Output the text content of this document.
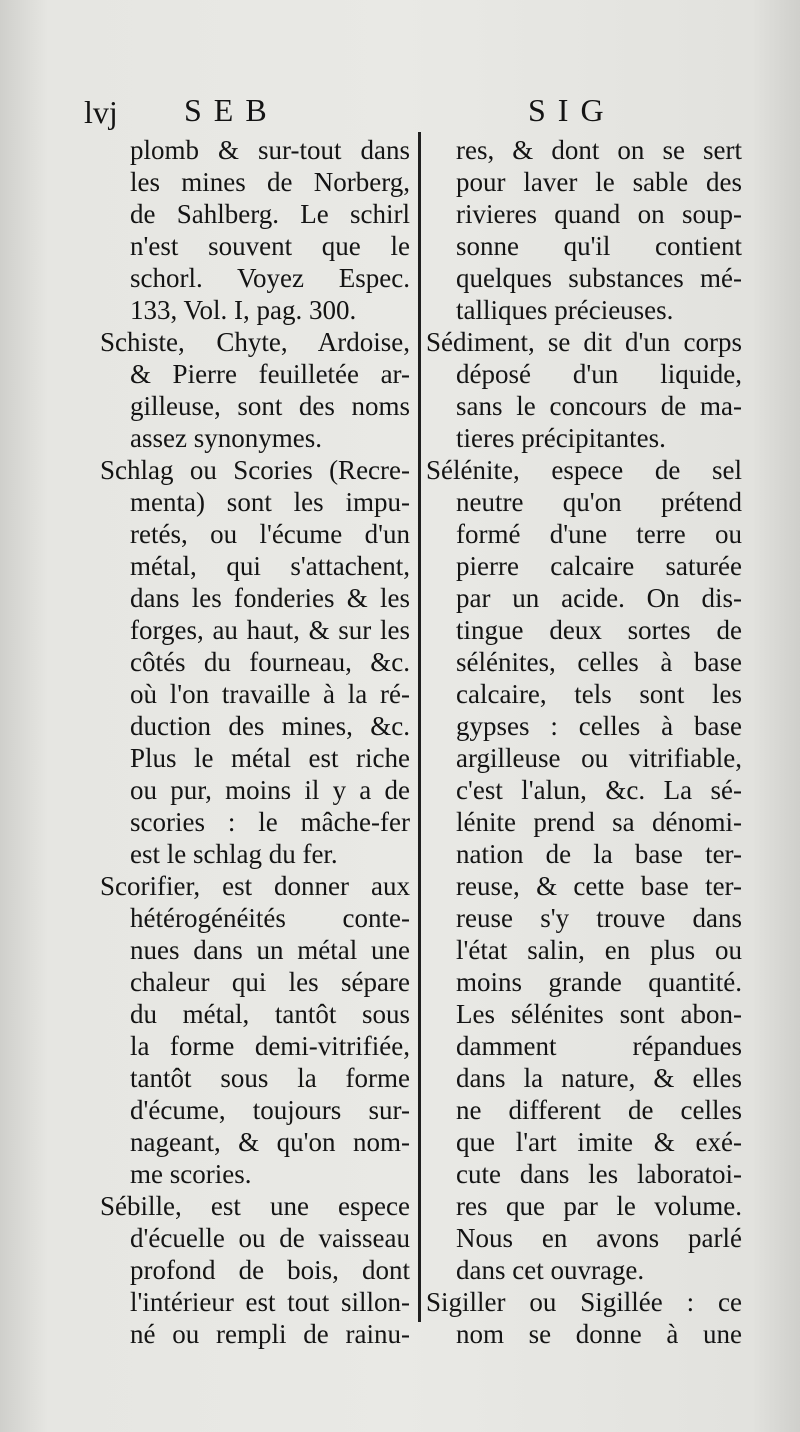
lvj SEB	SIG
plomb & sur-tout dans
les mines de Norberg,
de Sahlberg. Le schirl
n'est souvent que le
schorl. Voyez Espec.
133, Vol. I, pag. 300.
Schiste, Chyte, Ardoise,
& Pierre feuilletée ar-
gilleuse, sont des noms
assez synonymes.
Schlag ou Scories (Recre-
menta) sont les impu-
retés, ou l'écume d'un
métal, qui s'attachent,
dans les fonderies & les
forges, au haut, & sur les
côtés du fourneau, &c.
où l'on travaille à la ré-
duction des mines, &c.
Plus le métal est riche
ou pur, moins il y a de
scories : le mâche-fer
est le schlag du fer.
Scorifier, est donner aux
hétérogénéités conte-
nues dans un métal une
chaleur qui les sépare
du métal, tantôt sous
la forme demi-vitrifiée,
tantôt sous la forme
d'écume, toujours sur-
nageant, & qu'on nom-
me scories.
Sébille, est une espece
d'écuelle ou de vaisseau
profond de bois, dont
l'intérieur est tout sillon-
né ou rempli de rainu-
res, & dont on se sert
pour laver le sable des
rivieres quand on soup-
sonne qu'il contient
quelques substances mé-
talliques précieuses.
Sédiment, se dit d'un corps
déposé d'un liquide,
sans le concours de ma-
tieres précipitantes.
Sélénite, espece de sel
neutre qu'on prétend
formé d'une terre ou
pierre calcaire saturée
par un acide. On dis-
tingue deux sortes de
sélénites, celles à base
calcaire, tels sont les
gypses : celles à base
argilleuse ou vitrifiable,
c'est l'alun, &c. La sé-
lénite prend sa dénomi-
nation de la base ter-
reuse, & cette base ter-
reuse s'y trouve dans
l'état salin, en plus ou
moins grande quantité.
Les sélénites sont abon-
damment répandues
dans la nature, & elles
ne different de celles
que l'art imite & exé-
cute dans les laboratoi-
res que par le volume.
Nous en avons parlé
dans cet ouvrage.
Sigiller ou Sigillée : ce
nom se donne à une
